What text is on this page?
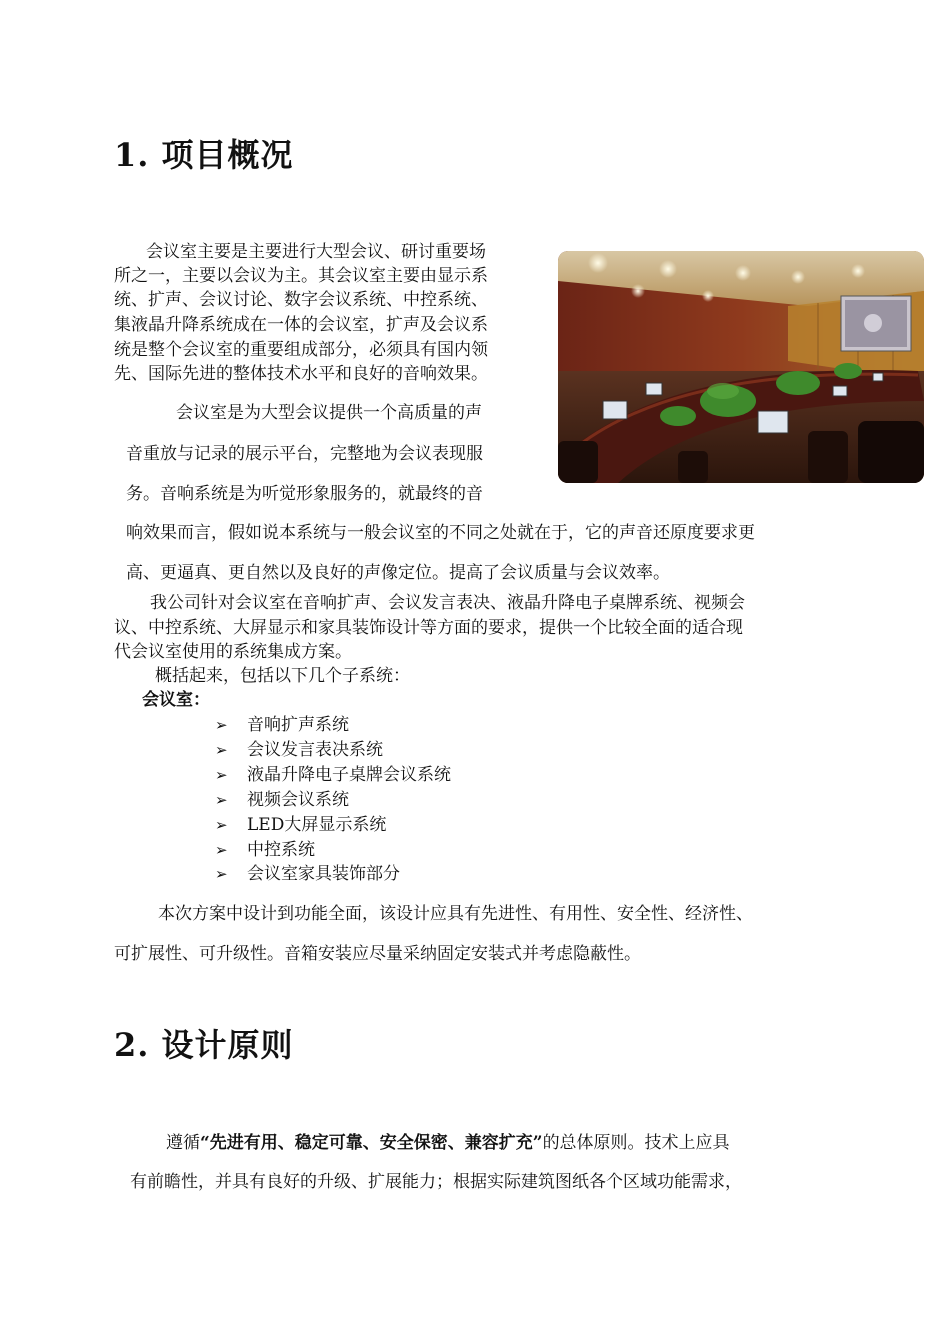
1. 项目概况
会议室主要是主要进行大型会议、研讨重要场
所之一，主要以会议为主。其会议室主要由显示系
统、扩声、会议讨论、数字会议系统、中控系统、
集液晶升降系统成在一体的会议室，扩声及会议系
统是整个会议室的重要组成部分，必须具有国内领
先、国际先进的整体技术水平和良好的音响效果。
会议室是为大型会议提供一个高质量的声
音重放与记录的展示平台，完整地为会议表现服
务。音响系统是为听觉形象服务的，就最终的音
响效果而言，假如说本系统与一般会议室的不同之处就在于，它的声音还原度要求更
高、更逼真、更自然以及良好的声像定位。提高了会议质量与会议效率。
我公司针对会议室在音响扩声、会议发言表决、液晶升降电子桌牌系统、视频会
议、中控系统、大屏显示和家具装饰设计等方面的要求，提供一个比较全面的适合现
代会议室使用的系统集成方案。
概括起来，包括以下几个子系统：
会议室：
➢ 音响扩声系统
➢ 会议发言表决系统
➢ 液晶升降电子桌牌会议系统
➢ 视频会议系统
➢ LED大屏显示系统
➢ 中控系统
➢ 会议室家具装饰部分
本次方案中设计到功能全面，该设计应具有先进性、有用性、安全性、经济性、
可扩展性、可升级性。音箱安装应尽量采纳固定安装式并考虑隐蔽性。
2. 设计原则
遵循“先进有用、稳定可靠、安全保密、兼容扩充”的总体原则。技术上应具
有前瞻性，并具有良好的升级、扩展能力；根据实际建筑图纸各个区域功能需求，
